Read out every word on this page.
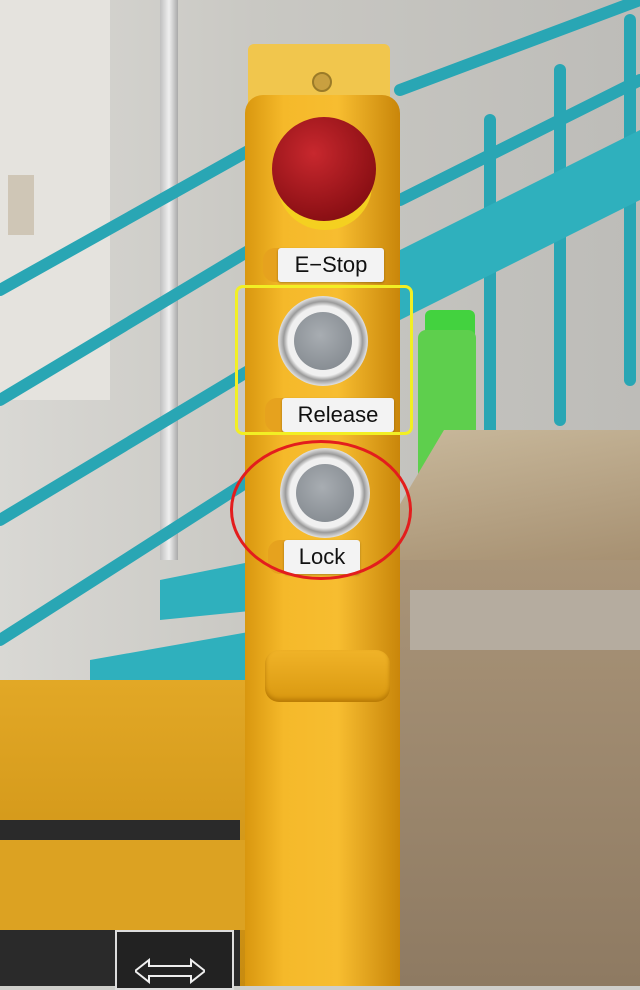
E−Stop
Release
Lock
